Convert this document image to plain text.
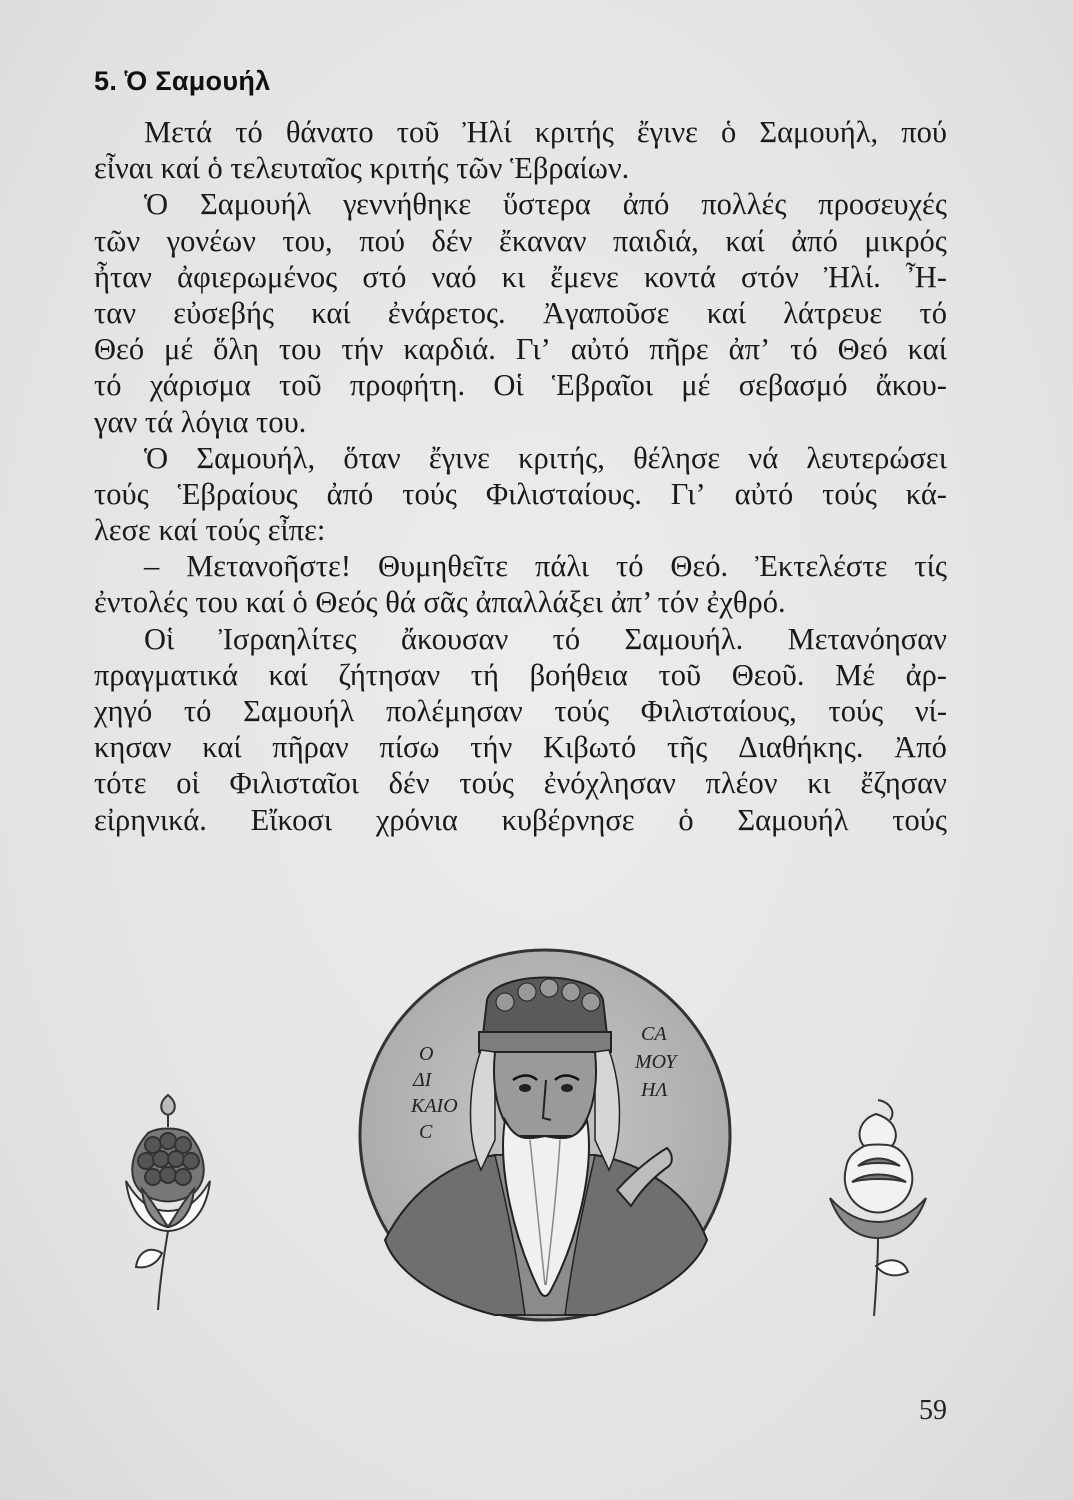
5. Ὁ Σαμουήλ
Μετά τό θάνατο τοῦ Ἠλί κριτής ἔγινε ὁ Σαμουήλ, πού
εἶναι καί ὁ τελευταῖος κριτής τῶν Ἑβραίων.
Ὁ Σαμουήλ γεννήθηκε ὕστερα ἀπό πολλές προσευχές
τῶν γονέων του, πού δέν ἔκαναν παιδιά, καί ἀπό μικρός
ἦταν ἀφιερωμένος στό ναό κι ἔμενε κοντά στόν Ἠλί. Ἦ-
ταν εὐσεβής καί ἐνάρετος. Ἀγαποῦσε καί λάτρευε τό
Θεό μέ ὅλη του τήν καρδιά. Γι’ αὐτό πῆρε ἀπ’ τό Θεό καί
τό χάρισμα τοῦ προφήτη. Οἱ Ἑβραῖοι μέ σεβασμό ἄκου-
γαν τά λόγια του.
Ὁ Σαμουήλ, ὅταν ἔγινε κριτής, θέλησε νά λευτερώσει
τούς Ἑβραίους ἀπό τούς Φιλισταίους. Γι’ αὐτό τούς κά-
λεσε καί τούς εἶπε:
– Μετανοῆστε! Θυμηθεῖτε πάλι τό Θεό. Ἐκτελέστε τίς
ἐντολές του καί ὁ Θεός θά σᾶς ἀπαλλάξει ἀπ’ τόν ἐχθρό.
Οἱ Ἰσραηλίτες ἄκουσαν τό Σαμουήλ. Μετανόησαν
πραγματικά καί ζήτησαν τή βοήθεια τοῦ Θεοῦ. Μέ ἀρ-
χηγό τό Σαμουήλ πολέμησαν τούς Φιλισταίους, τούς νί-
κησαν καί πῆραν πίσω τήν Κιβωτό τῆς Διαθήκης. Ἀπό
τότε οἱ Φιλισταῖοι δέν τούς ἐνόχλησαν πλέον κι ἔζησαν
εἰρηνικά. Εἴκοσι χρόνια κυβέρνησε ὁ Σαμουήλ τούς
Ο
ΔΙ
ΚΑΙΟ
C
CA
ΜΟΥ
ΗΛ
59
